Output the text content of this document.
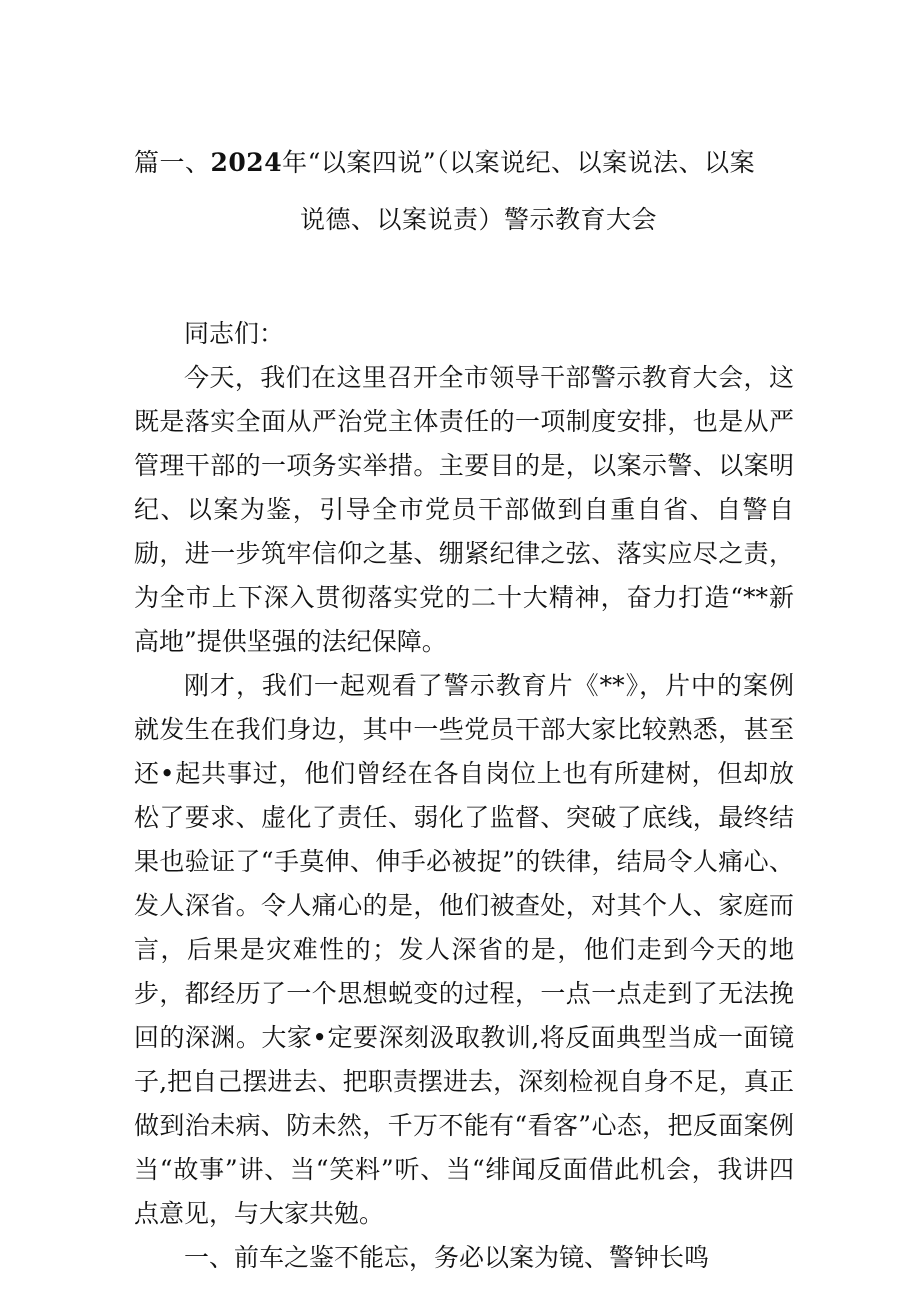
篇一、2024年“以案四说”（以案说纪、以案说法、以案
说德、以案说责）警示教育大会

同志们：

今天，我们在这里召开全市领导干部警示教育大会，这既是落实全面从严治党主体责任的一项制度安排，也是从严管理干部的一项务实举措。主要目的是，以案示警、以案明纪、以案为鉴，引导全市党员干部做到自重自省、自警自励，进一步筑牢信仰之基、绷紧纪律之弦、落实应尽之责，为全市上下深入贯彻落实党的二十大精神，奋力打造“**新高地”提供坚强的法纪保障。

刚才，我们一起观看了警示教育片《**》，片中的案例就发生在我们身边，其中一些党员干部大家比较熟悉，甚至还•起共事过，他们曾经在各自岗位上也有所建树，但却放松了要求、虚化了责任、弱化了监督、突破了底线，最终结果也验证了“手莫伸、伸手必被捉”的铁律，结局令人痛心、发人深省。令人痛心的是，他们被查处，对其个人、家庭而言，后果是灾难性的；发人深省的是，他们走到今天的地步，都经历了一个思想蜕变的过程，一点一点走到了无法挽回的深渊。大家•定要深刻汲取教训,将反面典型当成一面镜子,把自己摆进去、把职责摆进去，深刻检视自身不足，真正做到治未病、防未然，千万不能有“看客”心态，把反面案例当“故事”讲、当“笑料”听、当“绯闻反面借此机会，我讲四点意见，与大家共勉。

一、前车之鉴不能忘，务必以案为镜、警钟长鸣
